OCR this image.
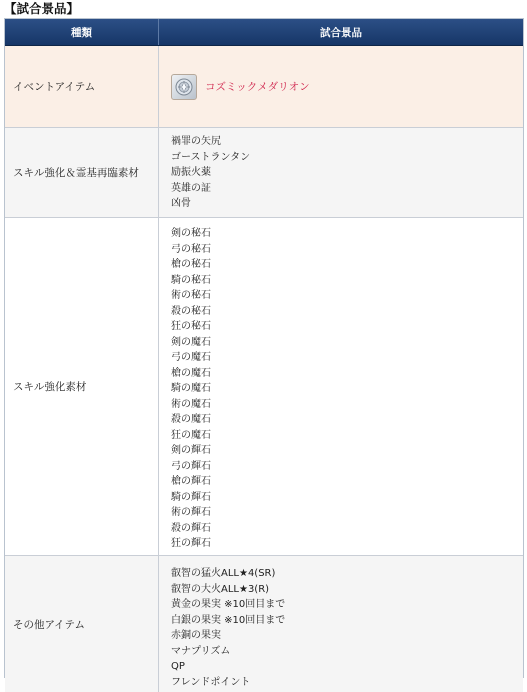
【試合景品】
種類	試合景品
イベントアイテム	コズミックメダリオン
スキル強化＆霊基再臨素材
禍罪の矢尻
ゴーストランタン
励振火薬
英雄の証
凶骨
スキル強化素材
剣の秘石
弓の秘石
槍の秘石
騎の秘石
術の秘石
殺の秘石
狂の秘石
剣の魔石
弓の魔石
槍の魔石
騎の魔石
術の魔石
殺の魔石
狂の魔石
剣の輝石
弓の輝石
槍の輝石
騎の輝石
術の輝石
殺の輝石
狂の輝石
その他アイテム
叡智の猛火ALL★4(SR)
叡智の大火ALL★3(R)
黄金の果実 ※10回目まで
白銀の果実 ※10回目まで
赤銅の果実
マナプリズム
QP
フレンドポイント
